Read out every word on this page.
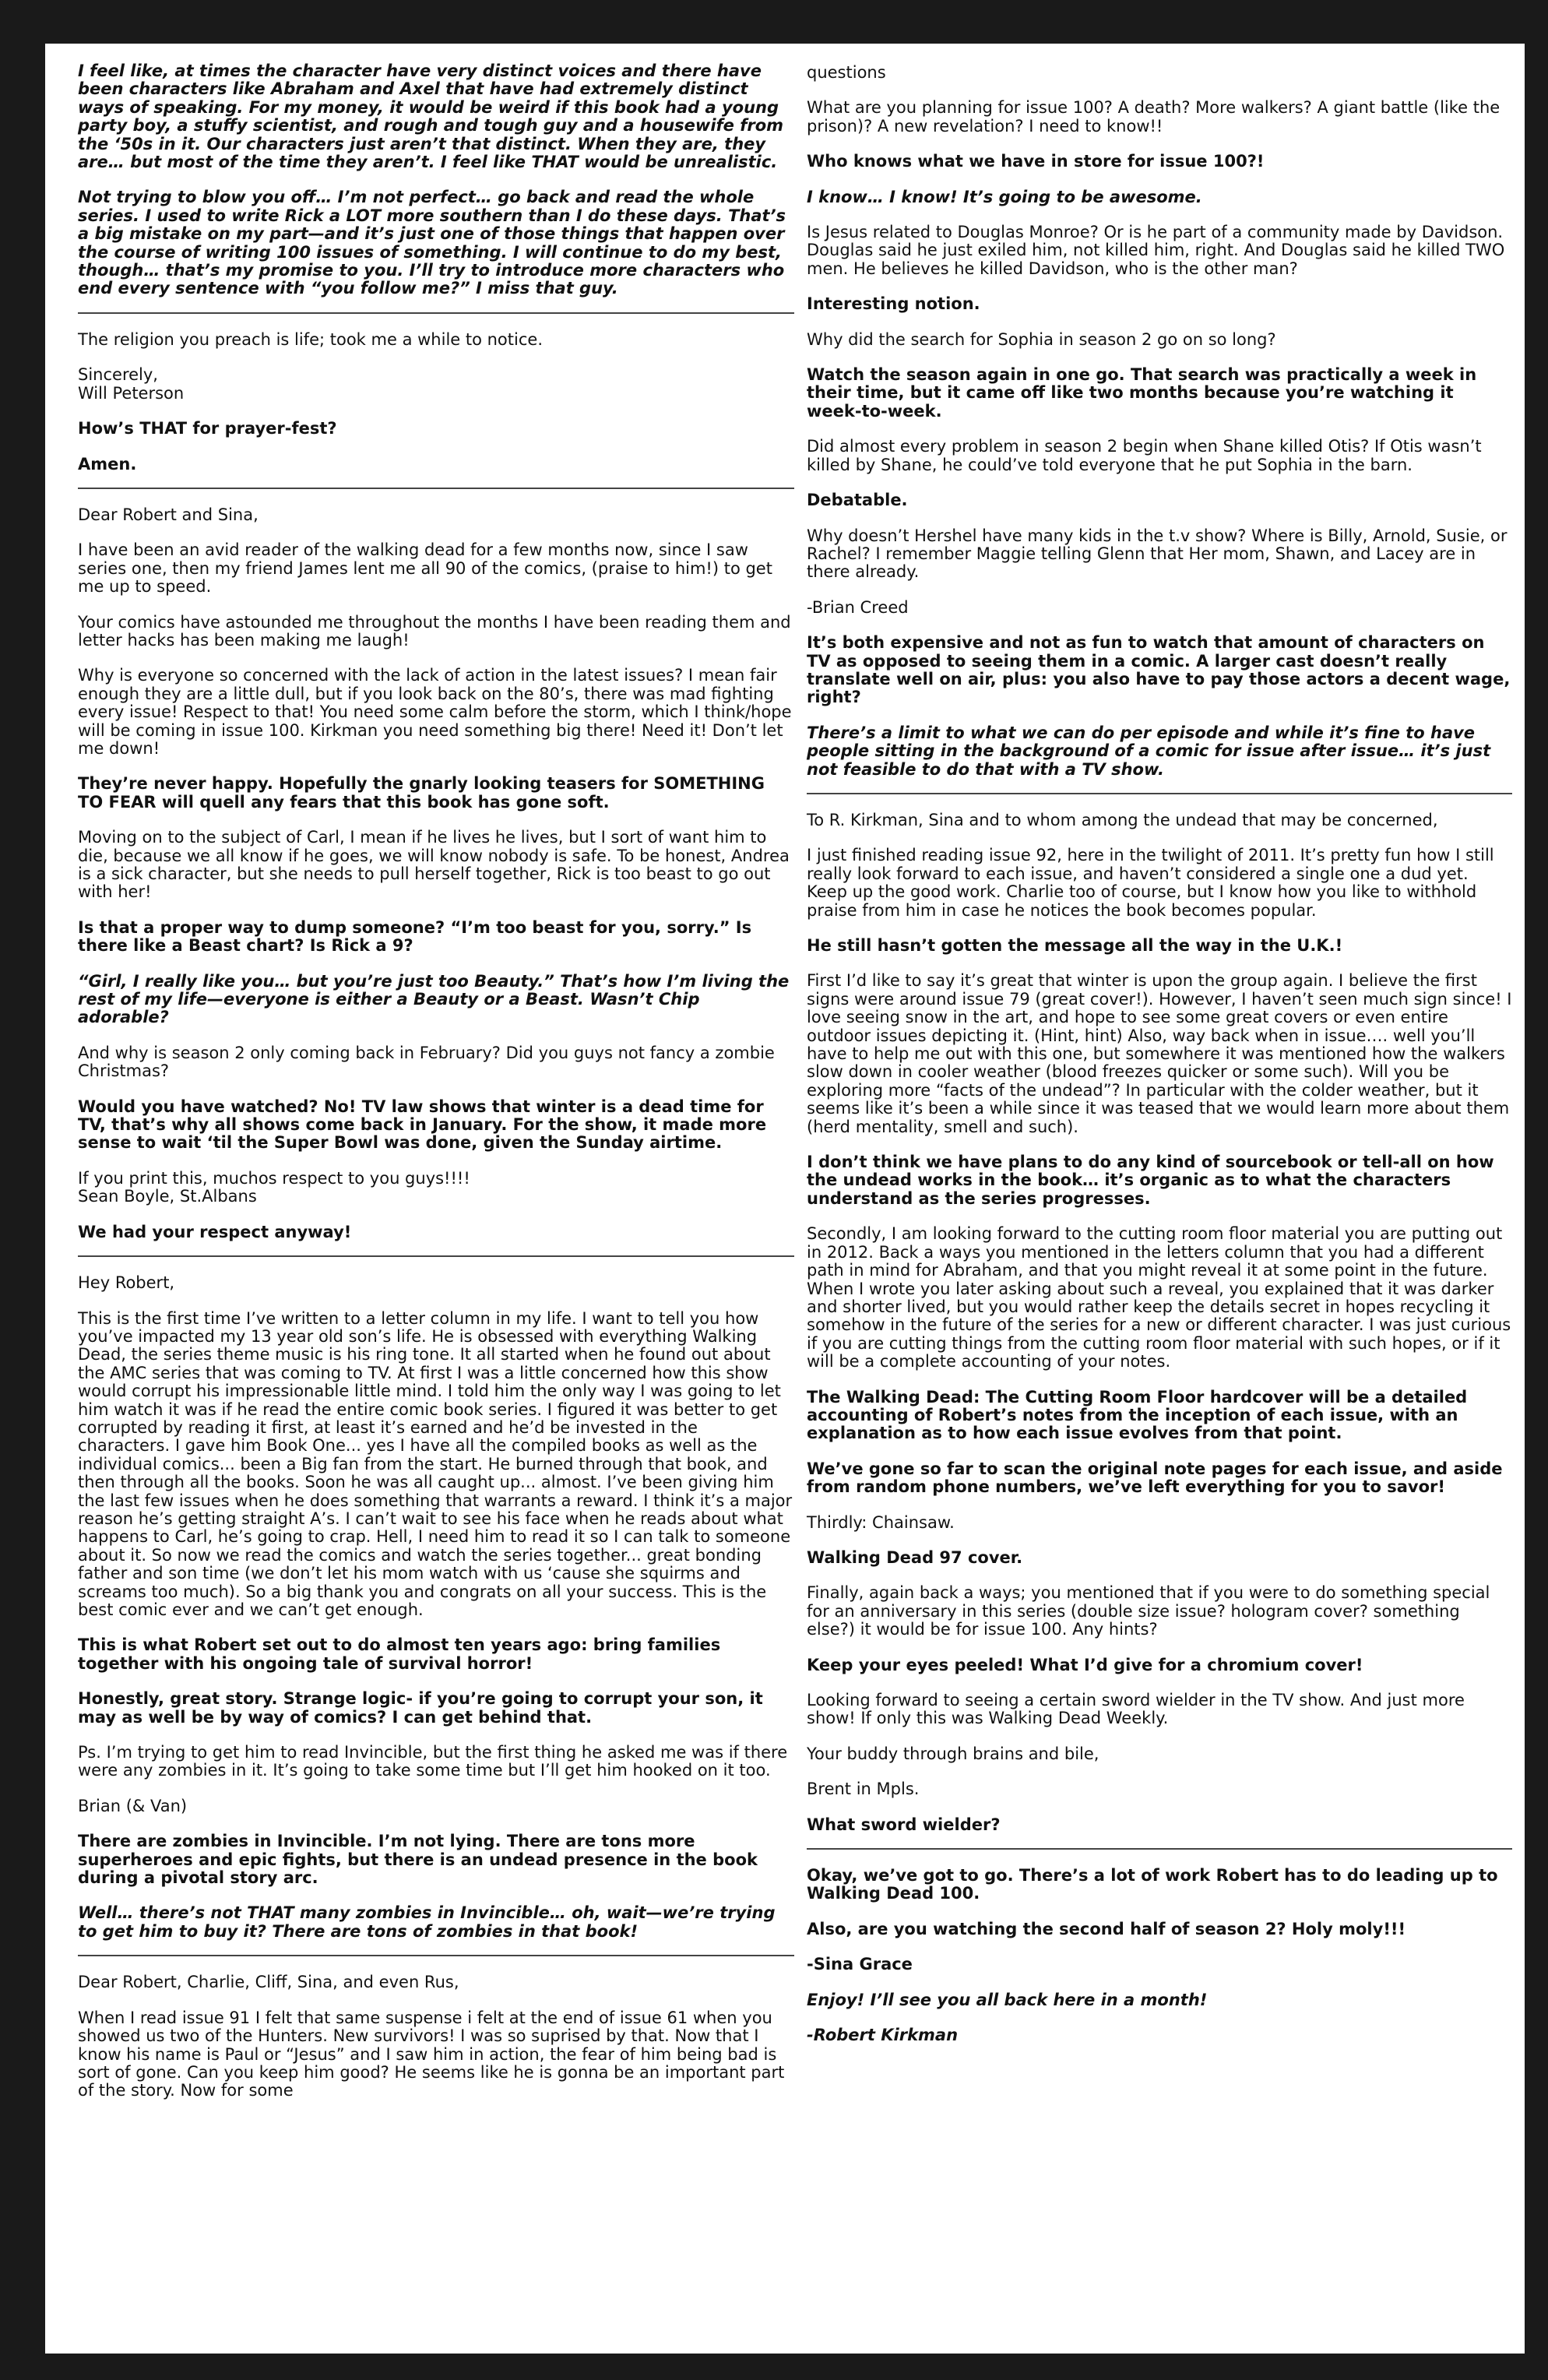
I feel like, at times the character have very distinct voices and there have been characters like Abraham and Axel that have had extremely distinct ways of speaking. For my money, it would be weird if this book had a young party boy, a stuffy scientist, and rough and tough guy and a housewife from the ‘50s in it. Our characters just aren’t that distinct. When they are, they are… but most of the time they aren’t. I feel like THAT would be unrealistic.
Not trying to blow you off… I’m not perfect… go back and read the whole series. I used to write Rick a LOT more southern than I do these days. That’s a big mistake on my part—and it’s just one of those things that happen over the course of writing 100 issues of something. I will continue to do my best, though… that’s my promise to you. I’ll try to introduce more characters who end every sentence with “you follow me?” I miss that guy.
The religion you preach is life; took me a while to notice.
Sincerely,
Will Peterson
How’s THAT for prayer-fest?
Amen.
Dear Robert and Sina,
I have been an avid reader of the walking dead for a few months now, since I saw series one, then my friend James lent me all 90 of the comics, (praise to him!) to get me up to speed.
Your comics have astounded me throughout the months I have been reading them and letter hacks has been making me laugh!
Why is everyone so concerned with the lack of action in the latest issues? I mean fair enough they are a little dull, but if you look back on the 80’s, there was mad fighting every issue! Respect to that! You need some calm before the storm, which I think/hope will be coming in issue 100. Kirkman you need something big there! Need it! Don’t let me down!
They’re never happy. Hopefully the gnarly looking teasers for SOMETHING TO FEAR will quell any fears that this book has gone soft.
Moving on to the subject of Carl, I mean if he lives he lives, but I sort of want him to die, because we all know if he goes, we will know nobody is safe. To be honest, Andrea is a sick character, but she needs to pull herself together, Rick is too beast to go out with her!
Is that a proper way to dump someone? “I’m too beast for you, sorry.” Is there like a Beast chart? Is Rick a 9?
“Girl, I really like you… but you’re just too Beauty.” That’s how I’m living the rest of my life—everyone is either a Beauty or a Beast. Wasn’t Chip adorable?
And why is season 2 only coming back in February? Did you guys not fancy a zombie Christmas?
Would you have watched? No! TV law shows that winter is a dead time for TV, that’s why all shows come back in January. For the show, it made more sense to wait ‘til the Super Bowl was done, given the Sunday airtime.
If you print this, muchos respect to you guys!!!!
Sean Boyle, St.Albans
We had your respect anyway!
Hey Robert,
This is the first time I’ve written to a letter column in my life. I want to tell you how you’ve impacted my 13 year old son’s life. He is obsessed with everything Walking Dead, the series theme music is his ring tone. It all started when he found out about the AMC series that was coming to TV. At first I was a little concerned how this show would corrupt his impressionable little mind. I told him the only way I was going to let him watch it was if he read the entire comic book series. I figured it was better to get corrupted by reading it first, at least it’s earned and he’d be invested in the characters. I gave him Book One... yes I have all the compiled books as well as the individual comics... been a Big fan from the start. He burned through that book, and then through all the books. Soon he was all caught up... almost. I’ve been giving him the last few issues when he does something that warrants a reward. I think it’s a major reason he’s getting straight A’s. I can’t wait to see his face when he reads about what happens to Carl, he’s going to crap. Hell, I need him to read it so I can talk to someone about it. So now we read the comics and watch the series together... great bonding father and son time (we don’t let his mom watch with us ‘cause she squirms and screams too much). So a big thank you and congrats on all your success. This is the best comic ever and we can’t get enough.
This is what Robert set out to do almost ten years ago: bring families together with his ongoing tale of survival horror!
Honestly, great story. Strange logic- if you’re going to corrupt your son, it may as well be by way of comics? I can get behind that.
Ps. I’m trying to get him to read Invincible, but the first thing he asked me was if there were any zombies in it. It’s going to take some time but I’ll get him hooked on it too.
Brian (& Van)
There are zombies in Invincible. I’m not lying. There are tons more superheroes and epic fights, but there is an undead presence in the book during a pivotal story arc.
Well… there’s not THAT many zombies in Invincible… oh, wait—we’re trying to get him to buy it? There are tons of zombies in that book!
Dear Robert, Charlie, Cliff, Sina, and even Rus,
When I read issue 91 I felt that same suspense i felt at the end of issue 61 when you showed us two of the Hunters. New survivors! I was so suprised by that. Now that I know his name is Paul or “Jesus” and I saw him in action, the fear of him being bad is sort of gone. Can you keep him good? He seems like he is gonna be an important part of the story. Now for some
questions
What are you planning for issue 100? A death? More walkers? A giant battle (like the prison)? A new revelation? I need to know!!
Who knows what we have in store for issue 100?!
I know… I know! It’s going to be awesome.
Is Jesus related to Douglas Monroe? Or is he part of a community made by Davidson. Douglas said he just exiled him, not killed him, right. And Douglas said he killed TWO men. He believes he killed Davidson, who is the other man?
Interesting notion.
Why did the search for Sophia in season 2 go on so long?
Watch the season again in one go. That search was practically a week in their time, but it came off like two months because you’re watching it week-to-week.
Did almost every problem in season 2 begin when Shane killed Otis? If Otis wasn’t killed by Shane, he could’ve told everyone that he put Sophia in the barn.
Debatable.
Why doesn’t Hershel have many kids in the t.v show? Where is Billy, Arnold, Susie, or Rachel? I remember Maggie telling Glenn that Her mom, Shawn, and Lacey are in there already.
-Brian Creed
It’s both expensive and not as fun to watch that amount of characters on TV as opposed to seeing them in a comic. A larger cast doesn’t really translate well on air, plus: you also have to pay those actors a decent wage, right?
There’s a limit to what we can do per episode and while it’s fine to have people sitting in the background of a comic for issue after issue… it’s just not feasible to do that with a TV show.
To R. Kirkman, Sina and to whom among the undead that may be concerned,
I just finished reading issue 92, here in the twilight of 2011. It’s pretty fun how I still really look forward to each issue, and haven’t considered a single one a dud yet. Keep up the good work. Charlie too of course, but I know how you like to withhold praise from him in case he notices the book becomes popular.
He still hasn’t gotten the message all the way in the U.K.!
First I’d like to say it’s great that winter is upon the group again. I believe the first signs were around issue 79 (great cover!). However, I haven’t seen much sign since! I love seeing snow in the art, and hope to see some great covers or even entire outdoor issues depicting it. (Hint, hint) Also, way back when in issue…. well you’ll have to help me out with this one, but somewhere it was mentioned how the walkers slow down in cooler weather (blood freezes quicker or some such). Will you be exploring more “facts of the undead”? In particular with the colder weather, but it seems like it’s been a while since it was teased that we would learn more about them (herd mentality, smell and such).
I don’t think we have plans to do any kind of sourcebook or tell-all on how the undead works in the book… it’s organic as to what the characters understand as the series progresses.
Secondly, I am looking forward to the cutting room floor material you are putting out in 2012. Back a ways you mentioned in the letters column that you had a different path in mind for Abraham, and that you might reveal it at some point in the future. When I wrote you later asking about such a reveal, you explained that it was darker and shorter lived, but you would rather keep the details secret in hopes recycling it somehow in the future of the series for a new or different character. I was just curious if you are cutting things from the cutting room floor material with such hopes, or if it will be a complete accounting of your notes.
The Walking Dead: The Cutting Room Floor hardcover will be a detailed accounting of Robert’s notes from the inception of each issue, with an explanation as to how each issue evolves from that point.
We’ve gone so far to scan the original note pages for each issue, and aside from random phone numbers, we’ve left everything for you to savor!
Thirdly: Chainsaw.
Walking Dead 97 cover.
Finally, again back a ways; you mentioned that if you were to do something special for an anniversary in this series (double size issue? hologram cover? something else?) it would be for issue 100. Any hints?
Keep your eyes peeled! What I’d give for a chromium cover!
Looking forward to seeing a certain sword wielder in the TV show. And just more show! If only this was Walking Dead Weekly.
Your buddy through brains and bile,
Brent in Mpls.
What sword wielder?
Okay, we’ve got to go. There’s a lot of work Robert has to do leading up to Walking Dead 100.
Also, are you watching the second half of season 2? Holy moly!!!
-Sina Grace
Enjoy! I’ll see you all back here in a month!
-Robert Kirkman
